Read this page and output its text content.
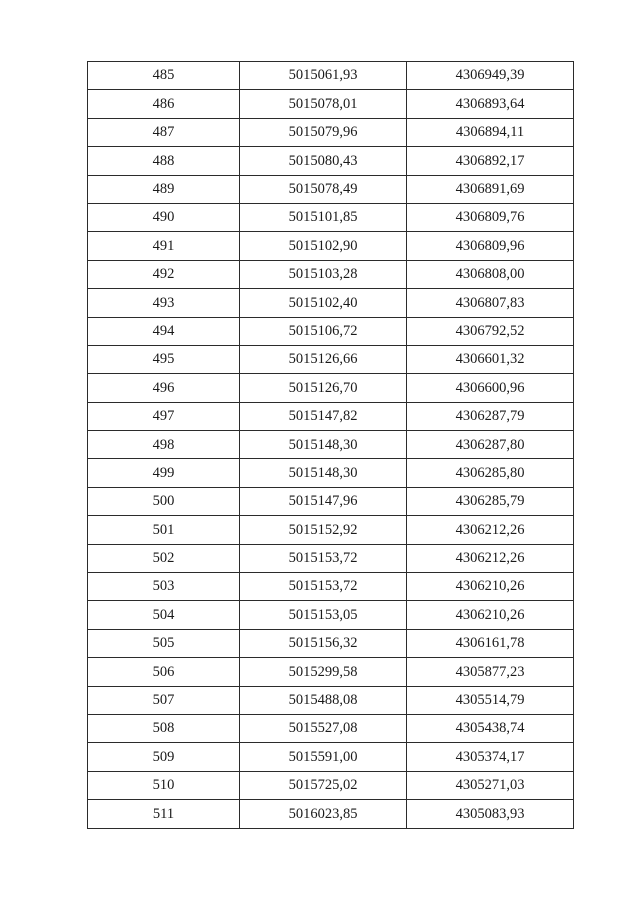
485	5015061,93	4306949,39
486	5015078,01	4306893,64
487	5015079,96	4306894,11
488	5015080,43	4306892,17
489	5015078,49	4306891,69
490	5015101,85	4306809,76
491	5015102,90	4306809,96
492	5015103,28	4306808,00
493	5015102,40	4306807,83
494	5015106,72	4306792,52
495	5015126,66	4306601,32
496	5015126,70	4306600,96
497	5015147,82	4306287,79
498	5015148,30	4306287,80
499	5015148,30	4306285,80
500	5015147,96	4306285,79
501	5015152,92	4306212,26
502	5015153,72	4306212,26
503	5015153,72	4306210,26
504	5015153,05	4306210,26
505	5015156,32	4306161,78
506	5015299,58	4305877,23
507	5015488,08	4305514,79
508	5015527,08	4305438,74
509	5015591,00	4305374,17
510	5015725,02	4305271,03
511	5016023,85	4305083,93
